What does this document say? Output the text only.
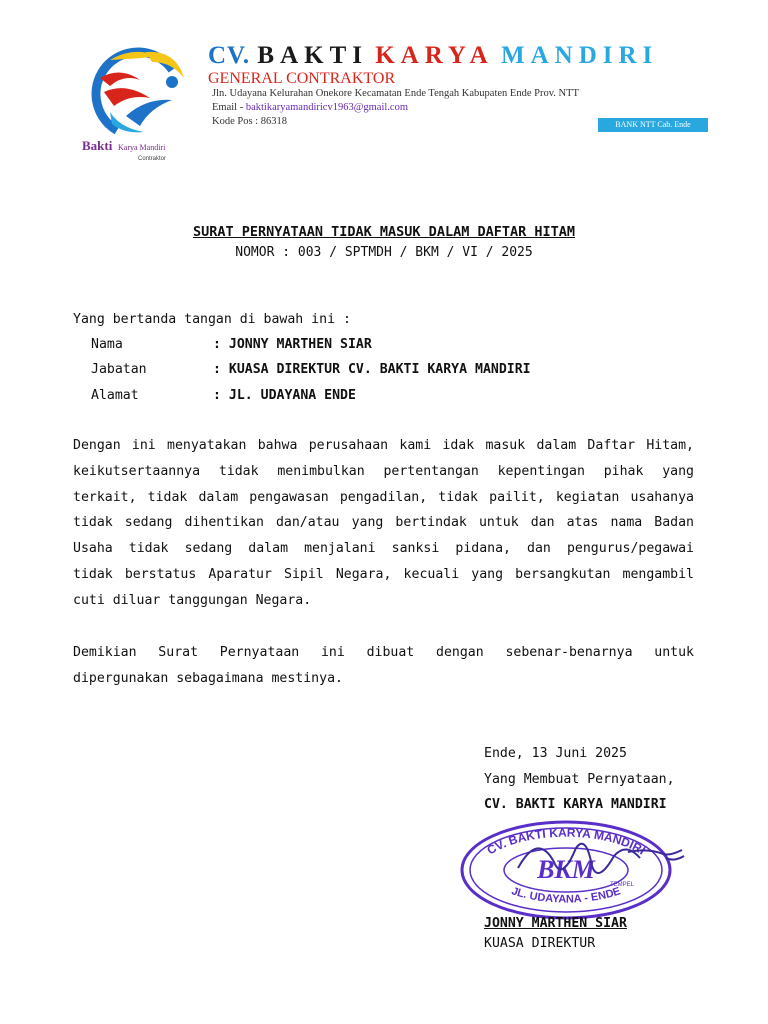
Bakti Karya Mandiri
Contraktor
CV. BAKTI KARYA MANDIRI
GENERAL CONTRAKTOR
Jln. Udayana Kelurahan Onekore Kecamatan Ende Tengah Kabupaten Ende Prov. NTT
Email - baktikaryamandiricv1963@gmail.com
Kode Pos : 86318	BANK NTT Cab. Ende
SURAT PERNYATAAN TIDAK MASUK DALAM DAFTAR HITAM
NOMOR : 003 / SPTMDH / BKM / VI / 2025
Yang bertanda tangan di bawah ini :
Nama	: JONNY MARTHEN SIAR
Jabatan	: KUASA DIREKTUR CV. BAKTI KARYA MANDIRI
Alamat	: JL. UDAYANA ENDE
Dengan ini menyatakan bahwa perusahaan kami idak masuk dalam Daftar Hitam,
keikutsertaannya tidak menimbulkan pertentangan kepentingan pihak yang
terkait, tidak dalam pengawasan pengadilan, tidak pailit, kegiatan usahanya
tidak sedang dihentikan dan/atau yang bertindak untuk dan atas nama Badan
Usaha tidak sedang dalam menjalani sanksi pidana, dan pengurus/pegawai
tidak berstatus Aparatur Sipil Negara, kecuali yang bersangkutan mengambil
cuti diluar tanggungan Negara.
Demikian Surat Pernyataan ini dibuat dengan sebenar-benarnya untuk
dipergunakan sebagaimana mestinya.
Ende, 13 Juni 2025
Yang Membuat Pernyataan,
CV. BAKTI KARYA MANDIRI
CV. BAKTI KARYA MANDIRI
JL. UDAYANA - ENDE
BKM
TEMPEL
JONNY MARTHEN SIAR
KUASA DIREKTUR
